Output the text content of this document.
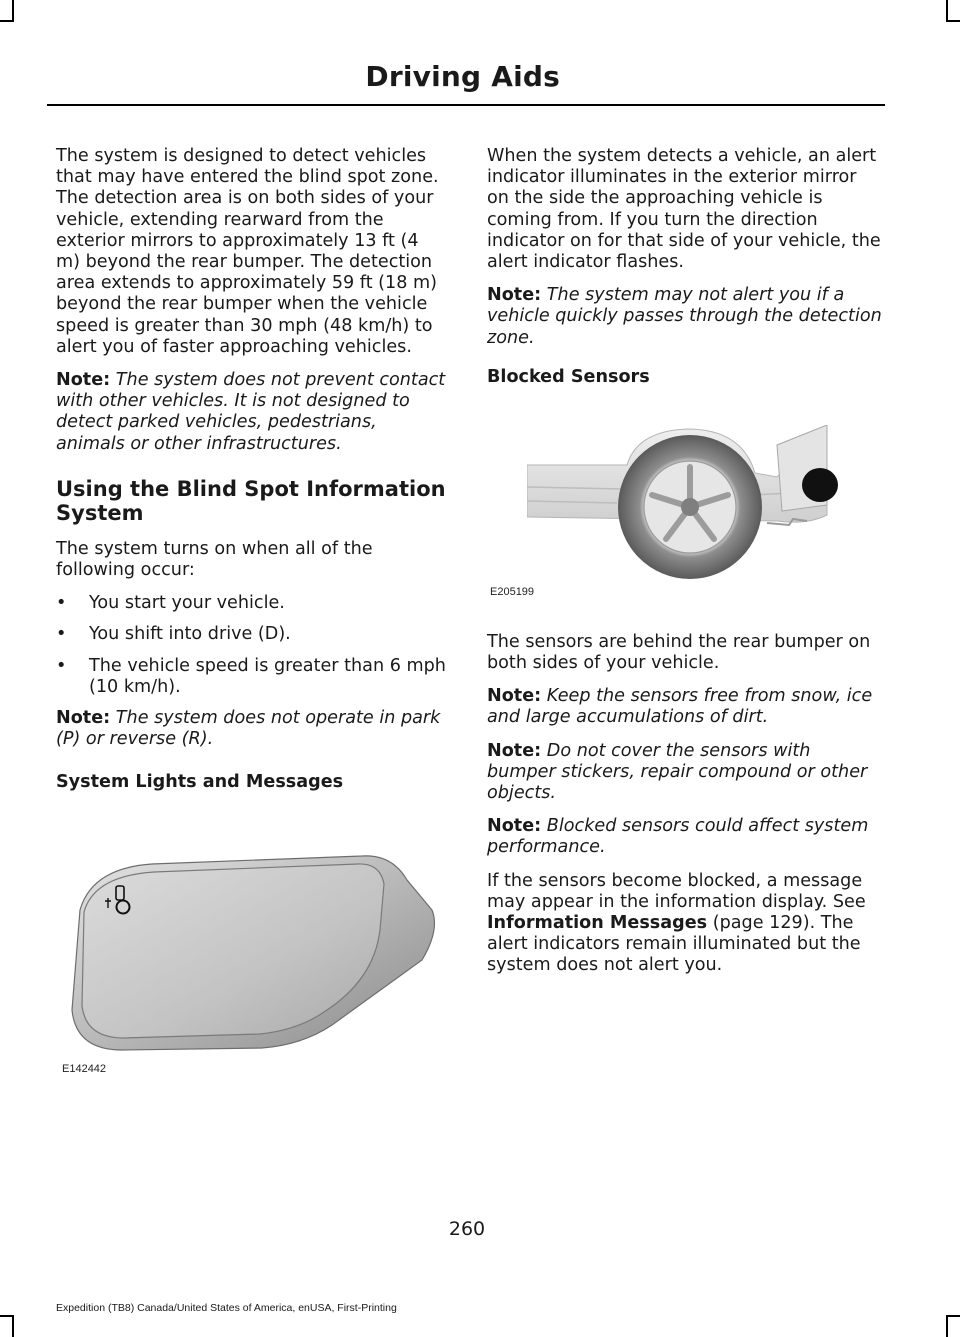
Driving Aids

The system is designed to detect vehicles that may have entered the blind spot zone. The detection area is on both sides of your vehicle, extending rearward from the exterior mirrors to approximately 13 ft (4 m) beyond the rear bumper. The detection area extends to approximately 59 ft (18 m) beyond the rear bumper when the vehicle speed is greater than 30 mph (48 km/h) to alert you of faster approaching vehicles.

Note: The system does not prevent contact with other vehicles. It is not designed to detect parked vehicles, pedestrians, animals or other infrastructures.

Using the Blind Spot Information System

The system turns on when all of the following occur:

• You start your vehicle.
• You shift into drive (D).
• The vehicle speed is greater than 6 mph (10 km/h).

Note: The system does not operate in park (P) or reverse (R).

System Lights and Messages
E142442

When the system detects a vehicle, an alert indicator illuminates in the exterior mirror on the side the approaching vehicle is coming from. If you turn the direction indicator on for that side of your vehicle, the alert indicator flashes.

Note: The system may not alert you if a vehicle quickly passes through the detection zone.

Blocked Sensors

The sensors are behind the rear bumper on both sides of your vehicle.

Note: Keep the sensors free from snow, ice and large accumulations of dirt.

Note: Do not cover the sensors with bumper stickers, repair compound or other objects.

Note: Blocked sensors could affect system performance.

If the sensors become blocked, a message may appear in the information display. See Information Messages (page 129). The alert indicators remain illuminated but the system does not alert you.

E205199
260
Expedition (TB8) Canada/United States of America, enUSA, First-Printing
